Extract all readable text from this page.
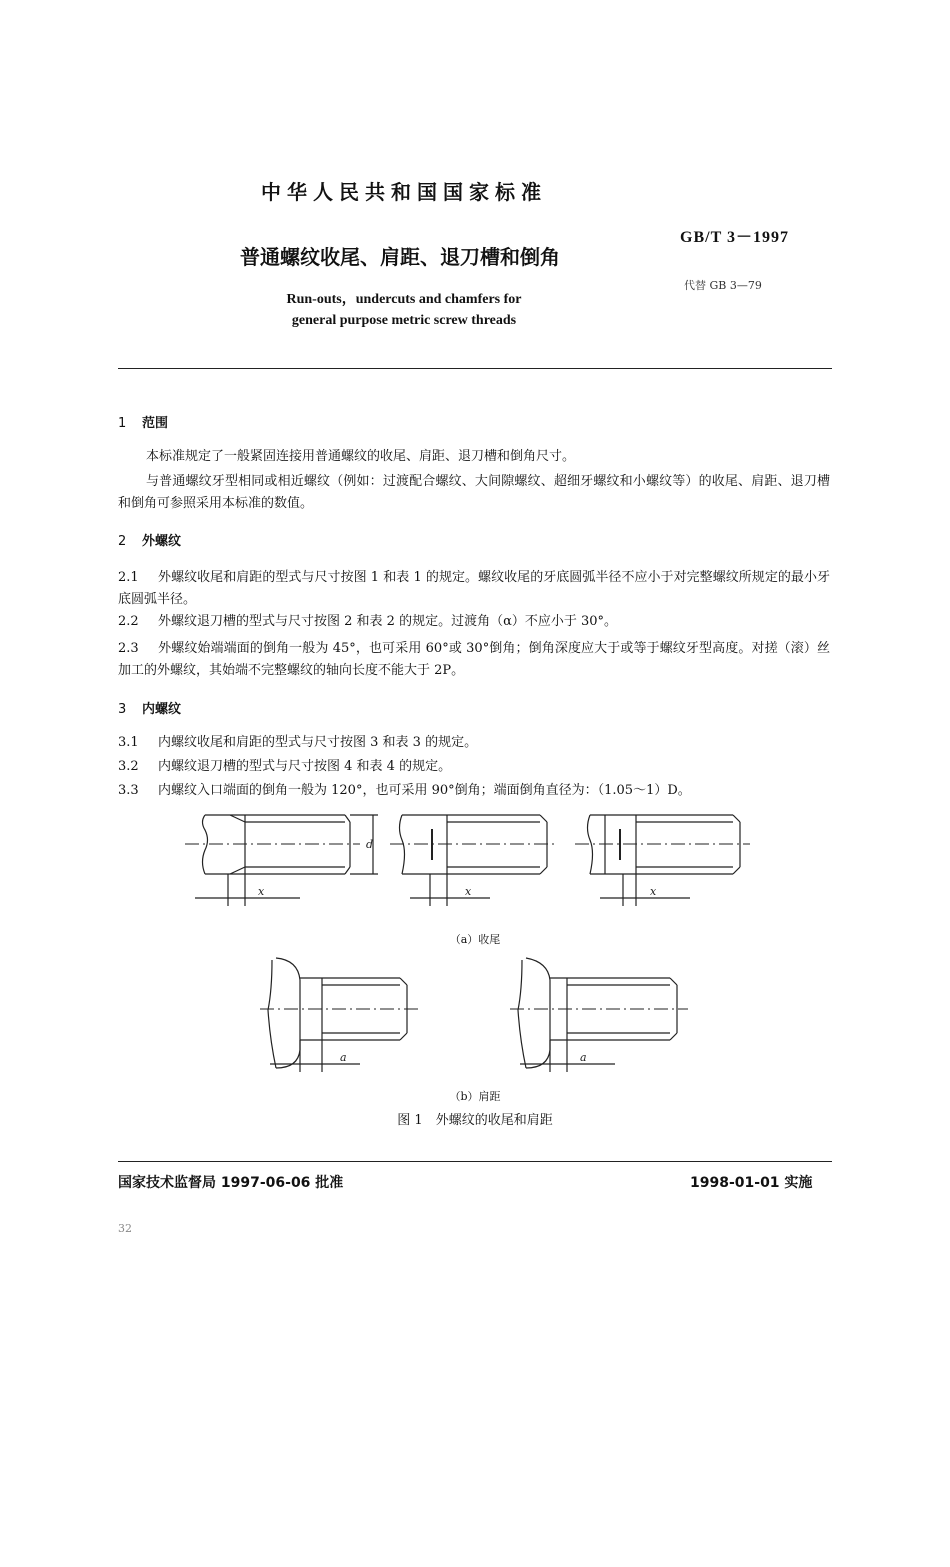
中华人民共和国国家标准
GB/T 3－1997
普通螺纹收尾、肩距、退刀槽和倒角
代替 GB 3—79
Run-outs，undercuts and chamfers for
general purpose metric screw threads
1 范围
本标准规定了一般紧固连接用普通螺纹的收尾、肩距、退刀槽和倒角尺寸。
与普通螺纹牙型相同或相近螺纹（例如：过渡配合螺纹、大间隙螺纹、超细牙螺纹和小螺纹等）的收尾、肩距、退刀槽和倒角可参照采用本标准的数值。
2 外螺纹
2.1 外螺纹收尾和肩距的型式与尺寸按图 1 和表 1 的规定。螺纹收尾的牙底圆弧半径不应小于对完整螺纹所规定的最小牙底圆弧半径。
2.2 外螺纹退刀槽的型式与尺寸按图 2 和表 2 的规定。过渡角（α）不应小于 30°。
2.3 外螺纹始端端面的倒角一般为 45°，也可采用 60°或 30°倒角；倒角深度应大于或等于螺纹牙型高度。对搓（滚）丝加工的外螺纹，其始端不完整螺纹的轴向长度不能大于 2P。
3 内螺纹
3.1 内螺纹收尾和肩距的型式与尺寸按图 3 和表 3 的规定。
3.2 内螺纹退刀槽的型式与尺寸按图 4 和表 4 的规定。
3.3 内螺纹入口端面的倒角一般为 120°，也可采用 90°倒角；端面倒角直径为：（1.05～1）D。
d
x	x	x
a	a
（a）收尾
（b）肩距
图 1　外螺纹的收尾和肩距
国家技术监督局 1997-06-06 批准	1998-01-01 实施
32
